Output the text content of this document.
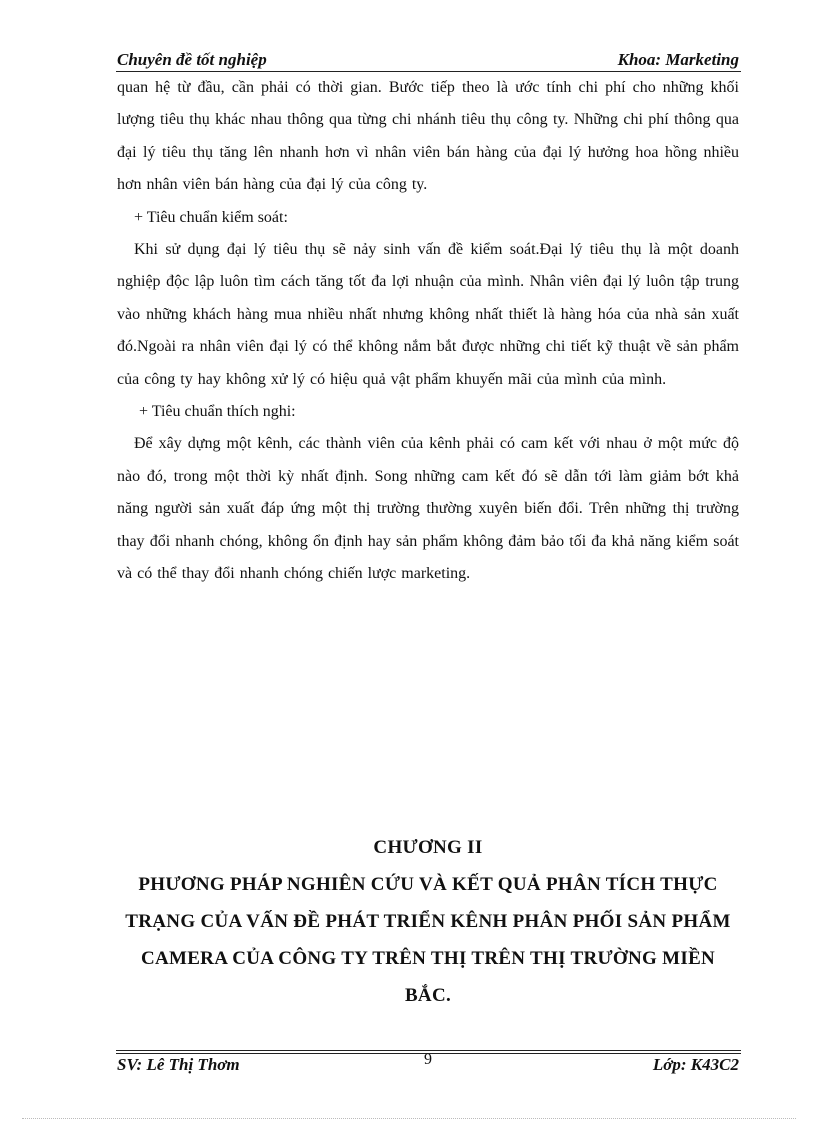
Chuyên đề tốt nghiệp	Khoa: Marketing

quan hệ từ đầu, cần phải có thời gian. Bước tiếp theo là ước tính chi phí cho những khối lượng tiêu thụ khác nhau thông qua từng chi nhánh tiêu thụ công ty. Những chi phí thông qua đại lý tiêu thụ tăng lên nhanh hơn vì nhân viên bán hàng của đại lý hưởng hoa hồng nhiều hơn nhân viên bán hàng của đại lý của công ty.

+ Tiêu chuẩn kiểm soát:

Khi sử dụng đại lý tiêu thụ sẽ nảy sinh vấn đề kiểm soát.Đại lý tiêu thụ là một doanh nghiệp độc lập luôn tìm cách tăng tốt đa lợi nhuận của mình. Nhân viên đại lý luôn tập trung vào những khách hàng mua nhiều nhất nhưng không nhất thiết là hàng hóa của nhà sản xuất đó.Ngoài ra nhân viên đại lý có thể không nắm bắt được những chi tiết kỹ thuật về sản phẩm của công ty hay không xử lý có hiệu quả vật phẩm khuyến mãi của mình của mình.

+ Tiêu chuẩn thích nghi:

Để xây dựng một kênh, các thành viên của kênh phải có cam kết với nhau ở một mức độ nào đó, trong một thời kỳ nhất định. Song những cam kết đó sẽ dẫn tới làm giảm bớt khả năng người sản xuất đáp ứng một thị trường thường xuyên biến đổi. Trên những thị trường thay đổi nhanh chóng, không ổn định hay sản phẩm không đảm bảo tối đa khả năng kiểm soát và có thể thay đổi nhanh chóng chiến lược marketing.

CHƯƠNG II
PHƯƠNG PHÁP NGHIÊN CỨU VÀ KẾT QUẢ PHÂN TÍCH THỰC TRẠNG CỦA VẤN ĐỀ PHÁT TRIỂN KÊNH PHÂN PHỐI SẢN PHẨM CAMERA CỦA CÔNG TY TRÊN THỊ TRÊN THỊ TRƯỜNG MIỀN BẮC.
SV: Lê Thị Thơm	9	Lớp: K43C2
